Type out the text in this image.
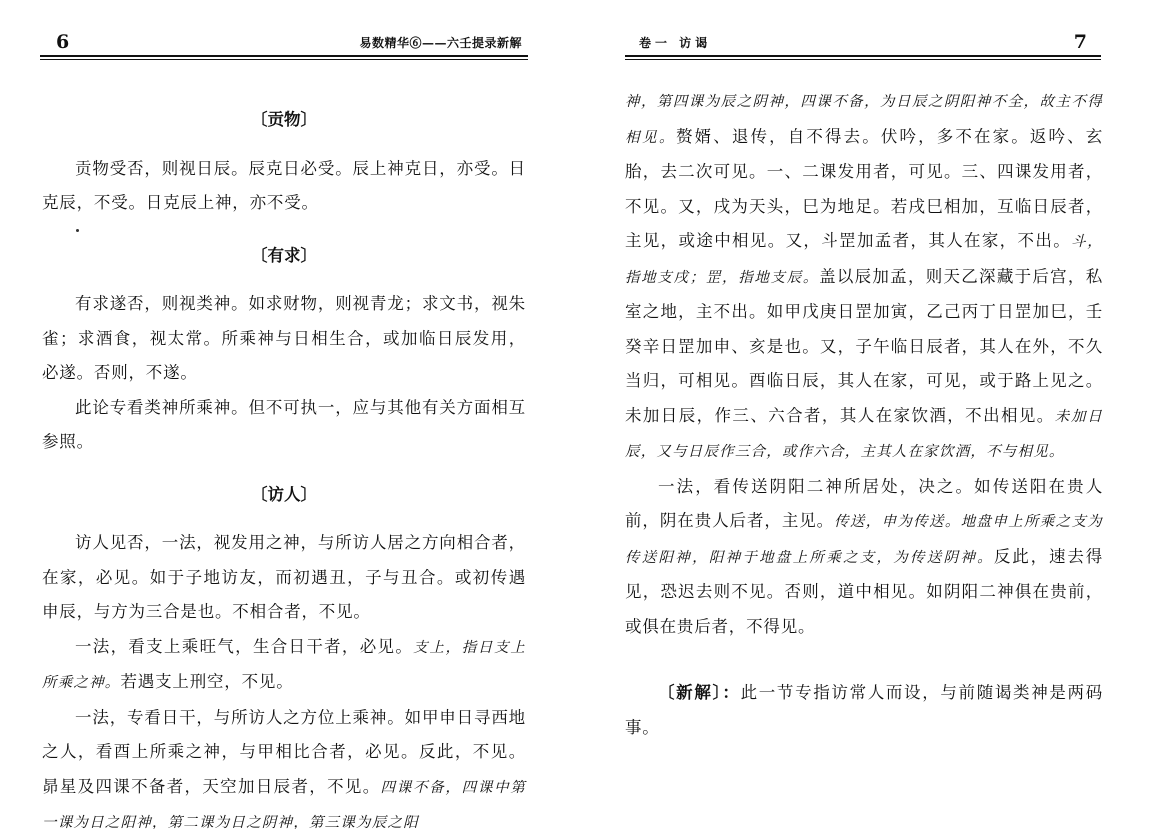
6	易数精华⑥——六壬提录新解
〔贡物〕

贡物受否，则视日辰。辰克日必受。辰上神克日，亦受。日克辰，不受。日克辰上神，亦不受。

〔有求〕

有求遂否，则视类神。如求财物，则视青龙；求文书，视朱雀；求酒食，视太常。所乘神与日相生合，或加临日辰发用，必遂。否则，不遂。

此论专看类神所乘神。但不可执一，应与其他有关方面相互参照。

〔访人〕

访人见否，一法，视发用之神，与所访人居之方向相合者，在家，必见。如于子地访友，而初遇丑，子与丑合。或初传遇申辰，与方为三合是也。不相合者，不见。

一法，看支上乘旺气，生合日干者，必见。支上，指日支上所乘之神。若遇支上刑空，不见。

一法，专看日干，与所访人之方位上乘神。如甲申日寻西地之人，看酉上所乘之神，与甲相比合者，必见。反此，不见。昴星及四课不备者，天空加日辰者，不见。四课不备，四课中第一课为日之阳神，第二课为日之阴神，第三课为辰之阳

卷一 访谒	7

神，第四课为辰之阴神，四课不备，为日辰之阴阳神不全，故主不得相见。赘婿、退传，自不得去。伏吟，多不在家。返吟、玄胎，去二次可见。一、二课发用者，可见。三、四课发用者，不见。又，戌为天头，巳为地足。若戌巳相加，互临日辰者，主见，或途中相见。又，斗罡加孟者，其人在家，不出。斗，指地支戌；罡，指地支辰。盖以辰加孟，则天乙深藏于后宫，私室之地，主不出。如甲戊庚日罡加寅，乙己丙丁日罡加巳，壬癸辛日罡加申、亥是也。又，子午临日辰者，其人在外，不久当归，可相见。酉临日辰，其人在家，可见，或于路上见之。未加日辰，作三、六合者，其人在家饮酒，不出相见。未加日辰，又与日辰作三合，或作六合，主其人在家饮酒，不与相见。

一法，看传送阴阳二神所居处，决之。如传送阳在贵人前，阴在贵人后者，主见。传送，申为传送。地盘申上所乘之支为传送阳神，阳神于地盘上所乘之支，为传送阴神。反此，速去得见，恐迟去则不见。否则，道中相见。如阴阳二神俱在贵前，或俱在贵后者，不得见。

〔新解〕：此一节专指访常人而设，与前随谒类神是两码事。
